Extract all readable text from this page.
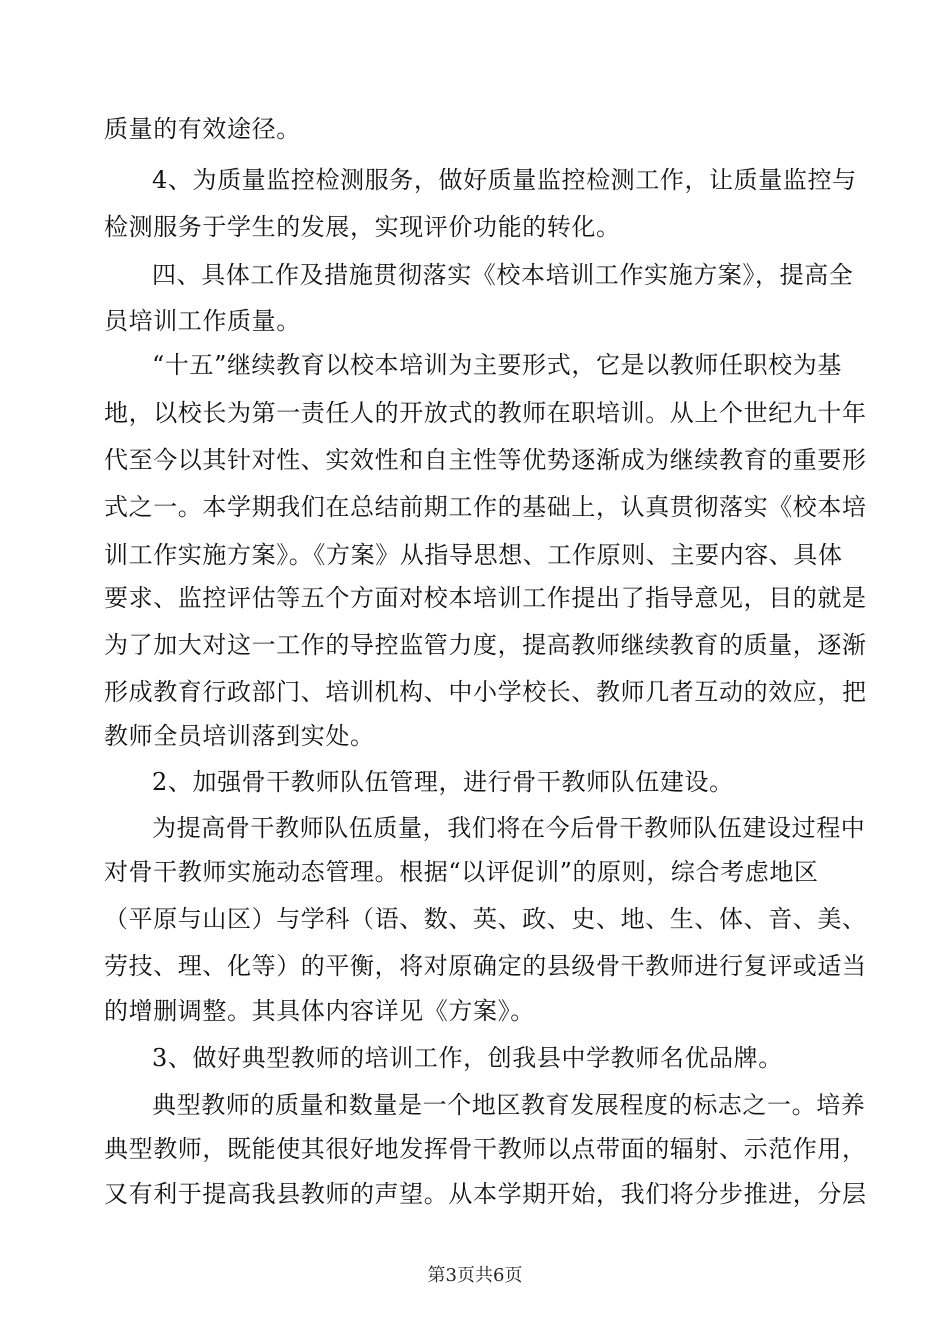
质量的有效途径。
4、为质量监控检测服务，做好质量监控检测工作，让质量监控与
检测服务于学生的发展，实现评价功能的转化。
四、具体工作及措施贯彻落实《校本培训工作实施方案》，提高全
员培训工作质量。
“十五”继续教育以校本培训为主要形式，它是以教师任职校为基
地，以校长为第一责任人的开放式的教师在职培训。从上个世纪九十年
代至今以其针对性、实效性和自主性等优势逐渐成为继续教育的重要形
式之一。本学期我们在总结前期工作的基础上，认真贯彻落实《校本培
训工作实施方案》。《方案》从指导思想、工作原则、主要内容、具体
要求、监控评估等五个方面对校本培训工作提出了指导意见，目的就是
为了加大对这一工作的导控监管力度，提高教师继续教育的质量，逐渐
形成教育行政部门、培训机构、中小学校长、教师几者互动的效应，把
教师全员培训落到实处。
2、加强骨干教师队伍管理，进行骨干教师队伍建设。
为提高骨干教师队伍质量，我们将在今后骨干教师队伍建设过程中
对骨干教师实施动态管理。根据“以评促训”的原则，综合考虑地区
（平原与山区）与学科（语、数、英、政、史、地、生、体、音、美、
劳技、理、化等）的平衡，将对原确定的县级骨干教师进行复评或适当
的增删调整。其具体内容详见《方案》。
3、做好典型教师的培训工作，创我县中学教师名优品牌。
典型教师的质量和数量是一个地区教育发展程度的标志之一。培养
典型教师，既能使其很好地发挥骨干教师以点带面的辐射、示范作用，
又有利于提高我县教师的声望。从本学期开始，我们将分步推进，分层
第3页共6页
